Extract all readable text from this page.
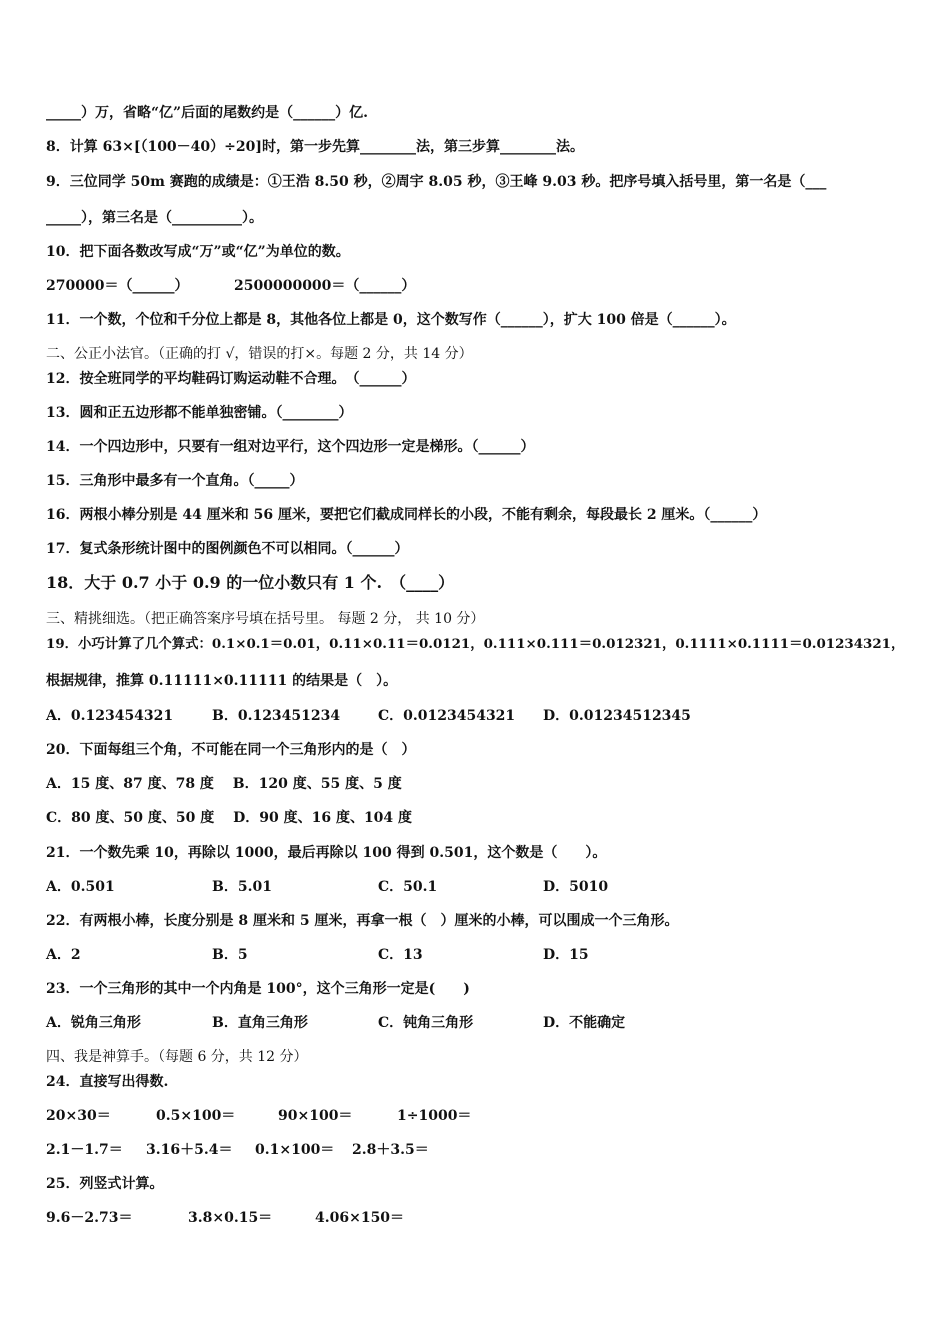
_____）万，省略“亿”后面的尾数约是（______）亿.
8．计算 63×[（100－40）÷20]时，第一步先算________法，第三步算________法。
9．三位同学 50m 赛跑的成绩是：①王浩 8.50 秒，②周宇 8.05 秒，③王峰 9.03 秒。把序号填入括号里，第一名是（___
_____），第三名是（__________）。
10．把下面各数改写成“万”或“亿”为单位的数。
270000＝（______）	2500000000＝（______）
11．一个数，个位和千分位上都是 8，其他各位上都是 0，这个数写作（______），扩大 100 倍是（______）。
二、公正小法官。（正确的打 √，错误的打×。每题 2 分，共 14 分）
12．按全班同学的平均鞋码订购运动鞋不合理。　（______）
13．圆和正五边形都不能单独密铺。（________）
14．一个四边形中，只要有一组对边平行，这个四边形一定是梯形。（______）
15．三角形中最多有一个直角。（_____）
16．两根小棒分别是 44 厘米和 56 厘米，要把它们截成同样长的小段，不能有剩余，每段最长 2 厘米。（______）
17．复式条形统计图中的图例颜色不可以相同。（______）
18．大于 0.7 小于 0.9 的一位小数只有 1 个.　（____）
三、精挑细选。（把正确答案序号填在括号里。 每题 2 分， 共 10 分）
19．小巧计算了几个算式：0.1×0.1＝0.01，0.11×0.11＝0.0121，0.111×0.111＝0.012321，0.1111×0.1111＝0.01234321，
根据规律，推算 0.11111×0.11111 的结果是（　）。
A．0.123454321	B．0.123451234	C．0.0123454321 D．0.01234512345
20．下面每组三个角，不可能在同一个三角形内的是（　）
A．15 度、87 度、78 度　 B．120 度、55 度、5 度
C．80 度、50 度、50 度　 D．90 度、16 度、104 度
21．一个数先乘 10，再除以 1000，最后再除以 100 得到 0.501，这个数是（　　）。
A．0.501	B．5.01	C．50.1	D．5010
22．有两根小棒，长度分别是 8 厘米和 5 厘米，再拿一根（　）厘米的小棒，可以围成一个三角形。
A．2	B．5	C．13	D．15
23．一个三角形的其中一个内角是 100°，这个三角形一定是(　　)
A．锐角三角形	B．直角三角形	C．钝角三角形	D．不能确定
四、我是神算手。（每题 6 分，共 12 分）
24．直接写出得数.
20×30＝	0.5×100＝	90×100＝	1÷1000＝
2.1－1.7＝ 3.16＋5.4＝ 0.1×100＝ 2.8＋3.5＝
25．列竖式计算。
9.6－2.73＝	3.8×0.15＝	4.06×150＝
